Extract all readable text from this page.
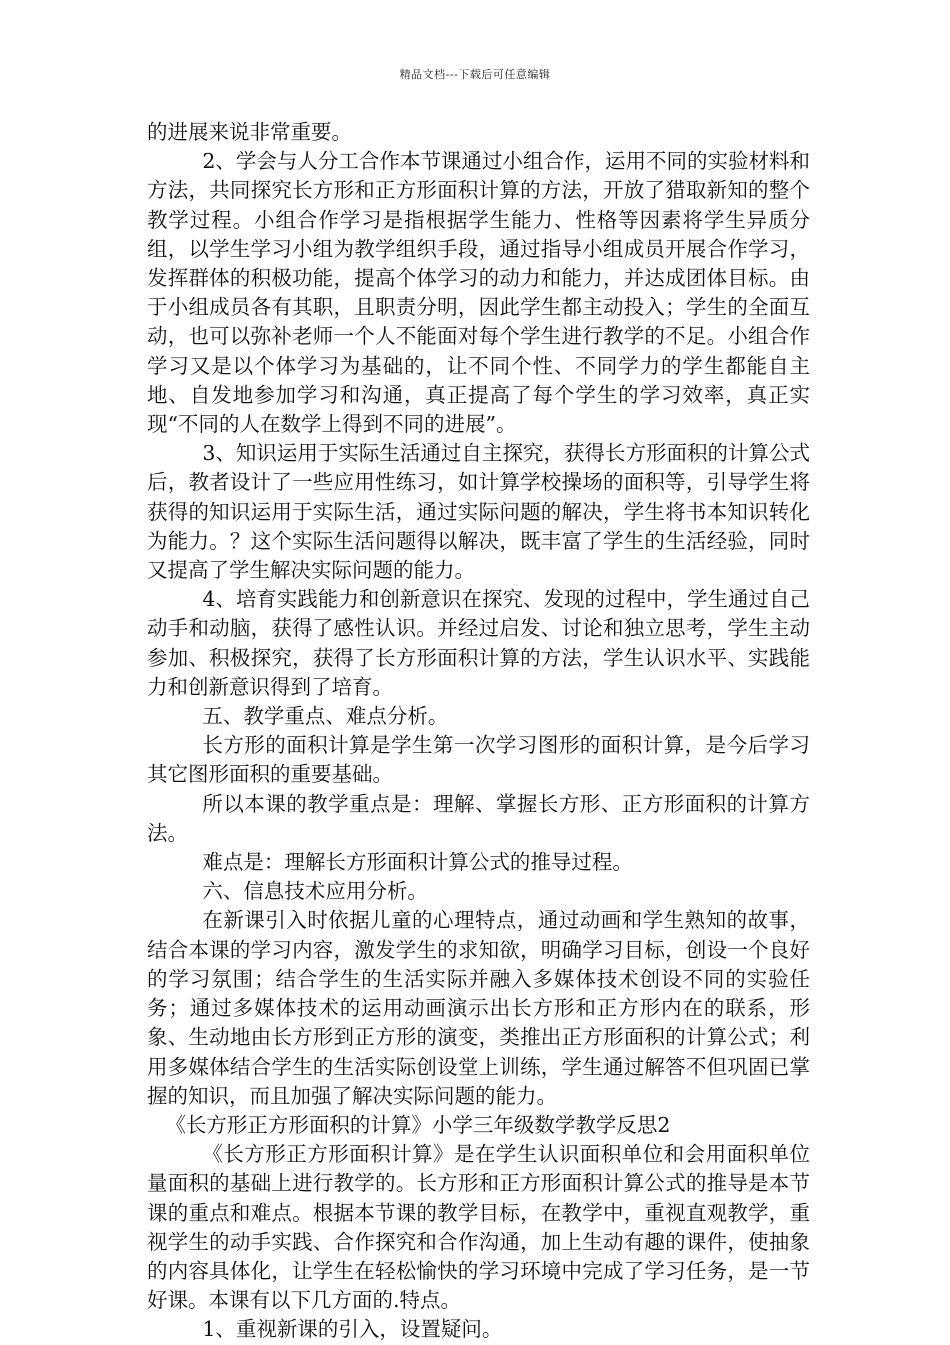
精品文档---下载后可任意编辑

的进展来说非常重要。

2、学会与人分工合作本节课通过小组合作，运用不同的实验材料和方法，共同探究长方形和正方形面积计算的方法，开放了猎取新知的整个教学过程。小组合作学习是指根据学生能力、性格等因素将学生异质分组，以学生学习小组为教学组织手段，通过指导小组成员开展合作学习，发挥群体的积极功能，提高个体学习的动力和能力，并达成团体目标。由于小组成员各有其职，且职责分明，因此学生都主动投入；学生的全面互动，也可以弥补老师一个人不能面对每个学生进行教学的不足。小组合作学习又是以个体学习为基础的，让不同个性、不同学力的学生都能自主地、自发地参加学习和沟通，真正提高了每个学生的学习效率，真正实现“不同的人在数学上得到不同的进展”。

3、知识运用于实际生活通过自主探究，获得长方形面积的计算公式后，教者设计了一些应用性练习，如计算学校操场的面积等，引导学生将获得的知识运用于实际生活，通过实际问题的解决，学生将书本知识转化为能力。？这个实际生活问题得以解决，既丰富了学生的生活经验，同时又提高了学生解决实际问题的能力。

4、培育实践能力和创新意识在探究、发现的过程中，学生通过自己动手和动脑，获得了感性认识。并经过启发、讨论和独立思考，学生主动参加、积极探究，获得了长方形面积计算的方法，学生认识水平、实践能力和创新意识得到了培育。

五、教学重点、难点分析。

长方形的面积计算是学生第一次学习图形的面积计算，是今后学习其它图形面积的重要基础。

所以本课的教学重点是：理解、掌握长方形、正方形面积的计算方法。

难点是：理解长方形面积计算公式的推导过程。

六、信息技术应用分析。

在新课引入时依据儿童的心理特点，通过动画和学生熟知的故事，结合本课的学习内容，激发学生的求知欲，明确学习目标，创设一个良好的学习氛围；结合学生的生活实际并融入多媒体技术创设不同的实验任务；通过多媒体技术的运用动画演示出长方形和正方形内在的联系，形象、生动地由长方形到正方形的演变，类推出正方形面积的计算公式；利用多媒体结合学生的生活实际创设堂上训练，学生通过解答不但巩固已掌握的知识，而且加强了解决实际问题的能力。

《长方形正方形面积的计算》小学三年级数学教学反思2

《长方形正方形面积计算》是在学生认识面积单位和会用面积单位量面积的基础上进行教学的。长方形和正方形面积计算公式的推导是本节课的重点和难点。根据本节课的教学目标，在教学中，重视直观教学，重视学生的动手实践、合作探究和合作沟通，加上生动有趣的课件，使抽象的内容具体化，让学生在轻松愉快的学习环境中完成了学习任务，是一节好课。本课有以下几方面的.特点。

1、重视新课的引入，设置疑问。
